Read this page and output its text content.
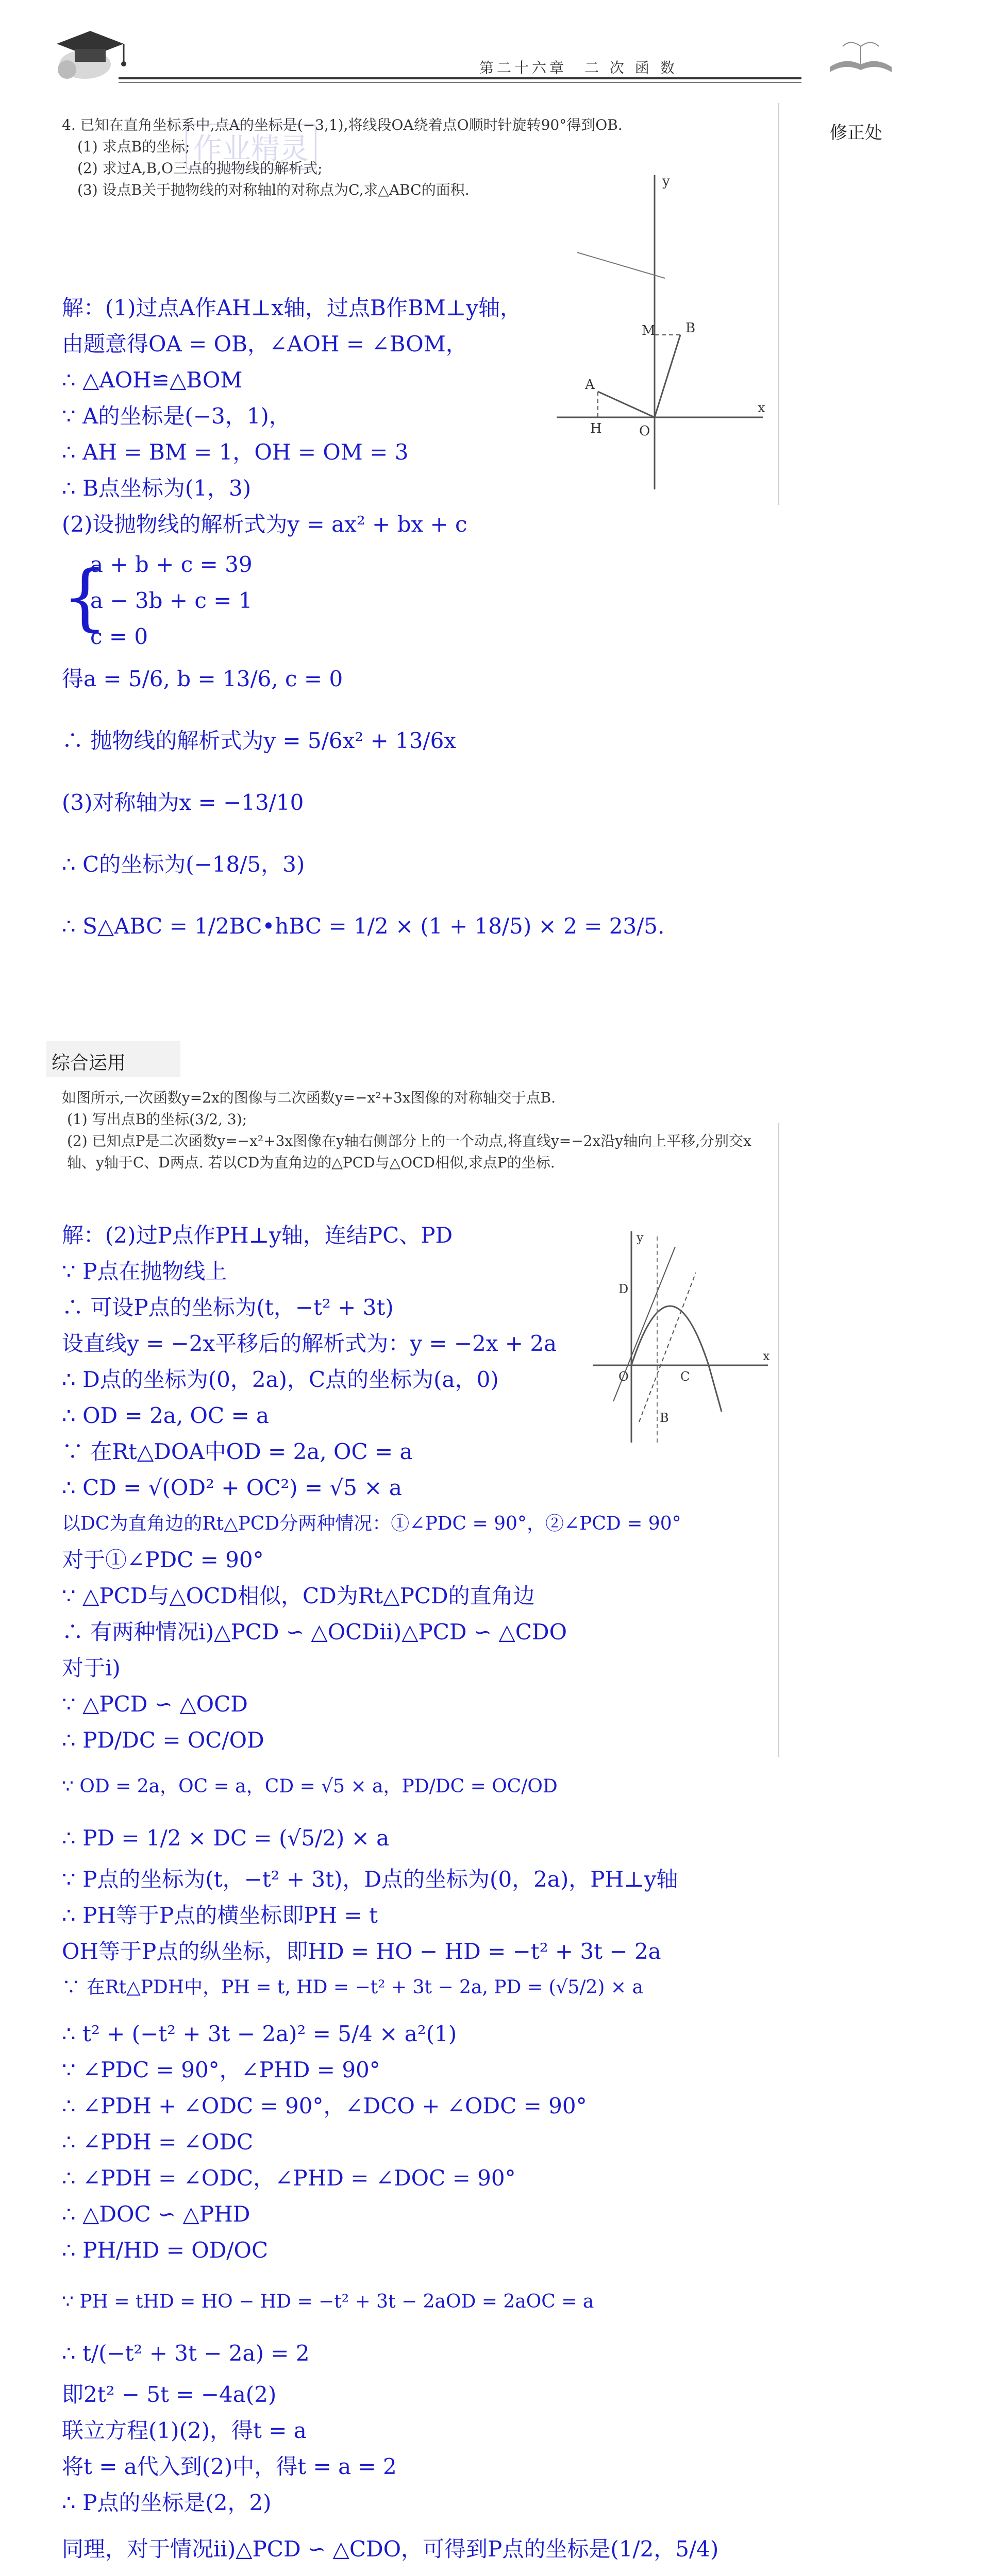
第二十六章　二 次 函 数
修正处
4. 已知在直角坐标系中,点A的坐标是(−3,1),将线段OA绕着点O顺时针旋转90°得到OB.
(1) 求点B的坐标;
(2) 求过A,B,O三点的抛物线的解析式;
(3) 设点B关于抛物线的对称轴l的对称点为C,求△ABC的面积.
作业精灵
y
x
O
A
B
H
M
解：(1)过点A作AH⊥x轴，过点B作BM⊥y轴，
由题意得OA = OB，∠AOH = ∠BOM，
∴ △AOH≌△BOM
∵ A的坐标是(−3，1)，
∴ AH = BM = 1，OH = OM = 3
∴ B点坐标为(1，3)
(2)设抛物线的解析式为y = ax² + bx + c
{
a + b + c = 39
a − 3b + c = 1
c = 0
得a = 5/6, b = 13/6, c = 0
∴ 抛物线的解析式为y = 5/6x² + 13/6x
(3)对称轴为x = −13/10
∴ C的坐标为(−18/5，3)
∴ S△ABC = 1/2BC•hBC = 1/2 × (1 + 18/5) × 2 = 23/5.
综合运用
如图所示,一次函数y=2x的图像与二次函数y=−x²+3x图像的对称轴交于点B.
(1) 写出点B的坐标(3/2, 3);
(2) 已知点P是二次函数y=−x²+3x图像在y轴右侧部分上的一个动点,将直线y=−2x沿y轴向上平移,分别交x轴、y轴于C、D两点. 若以CD为直角边的△PCD与△OCD相似,求点P的坐标.
y
x
O
D
B
C
解：(2)过P点作PH⊥y轴，连结PC、PD
∵ P点在抛物线上
∴ 可设P点的坐标为(t，−t² + 3t)
设直线y = −2x平移后的解析式为：y = −2x + 2a
∴ D点的坐标为(0，2a)，C点的坐标为(a，0)
∴ OD = 2a, OC = a
∵ 在Rt△DOA中OD = 2a, OC = a
∴ CD = √(OD² + OC²) = √5 × a
以DC为直角边的Rt△PCD分两种情况：①∠PDC = 90°，②∠PCD = 90°
对于①∠PDC = 90°
∵ △PCD与△OCD相似，CD为Rt△PCD的直角边
∴ 有两种情况i)△PCD ∽ △OCDii)△PCD ∽ △CDO
对于i)
∵ △PCD ∽ △OCD
∴ PD/DC = OC/OD
∵ OD = 2a，OC = a，CD = √5 × a，PD/DC = OC/OD
∴ PD = 1/2 × DC = (√5/2) × a
∵ P点的坐标为(t，−t² + 3t)，D点的坐标为(0，2a)，PH⊥y轴
∴ PH等于P点的横坐标即PH = t
OH等于P点的纵坐标，即HD = HO − HD = −t² + 3t − 2a
∵ 在Rt△PDH中，PH = t, HD = −t² + 3t − 2a, PD = (√5/2) × a
∴ t² + (−t² + 3t − 2a)² = 5/4 × a²(1)
∵ ∠PDC = 90°，∠PHD = 90°
∴ ∠PDH + ∠ODC = 90°，∠DCO + ∠ODC = 90°
∴ ∠PDH = ∠ODC
∴ ∠PDH = ∠ODC，∠PHD = ∠DOC = 90°
∴ △DOC ∽ △PHD
∴ PH/HD = OD/OC
∵ PH = tHD = HO − HD = −t² + 3t − 2aOD = 2aOC = a
∴ t/(−t² + 3t − 2a) = 2
即2t² − 5t = −4a(2)
联立方程(1)(2)，得t = a
将t = a代入到(2)中，得t = a = 2
∴ P点的坐标是(2，2)
同理，对于情况ii)△PCD ∽ △CDO，可得到P点的坐标是(1/2，5/4)
